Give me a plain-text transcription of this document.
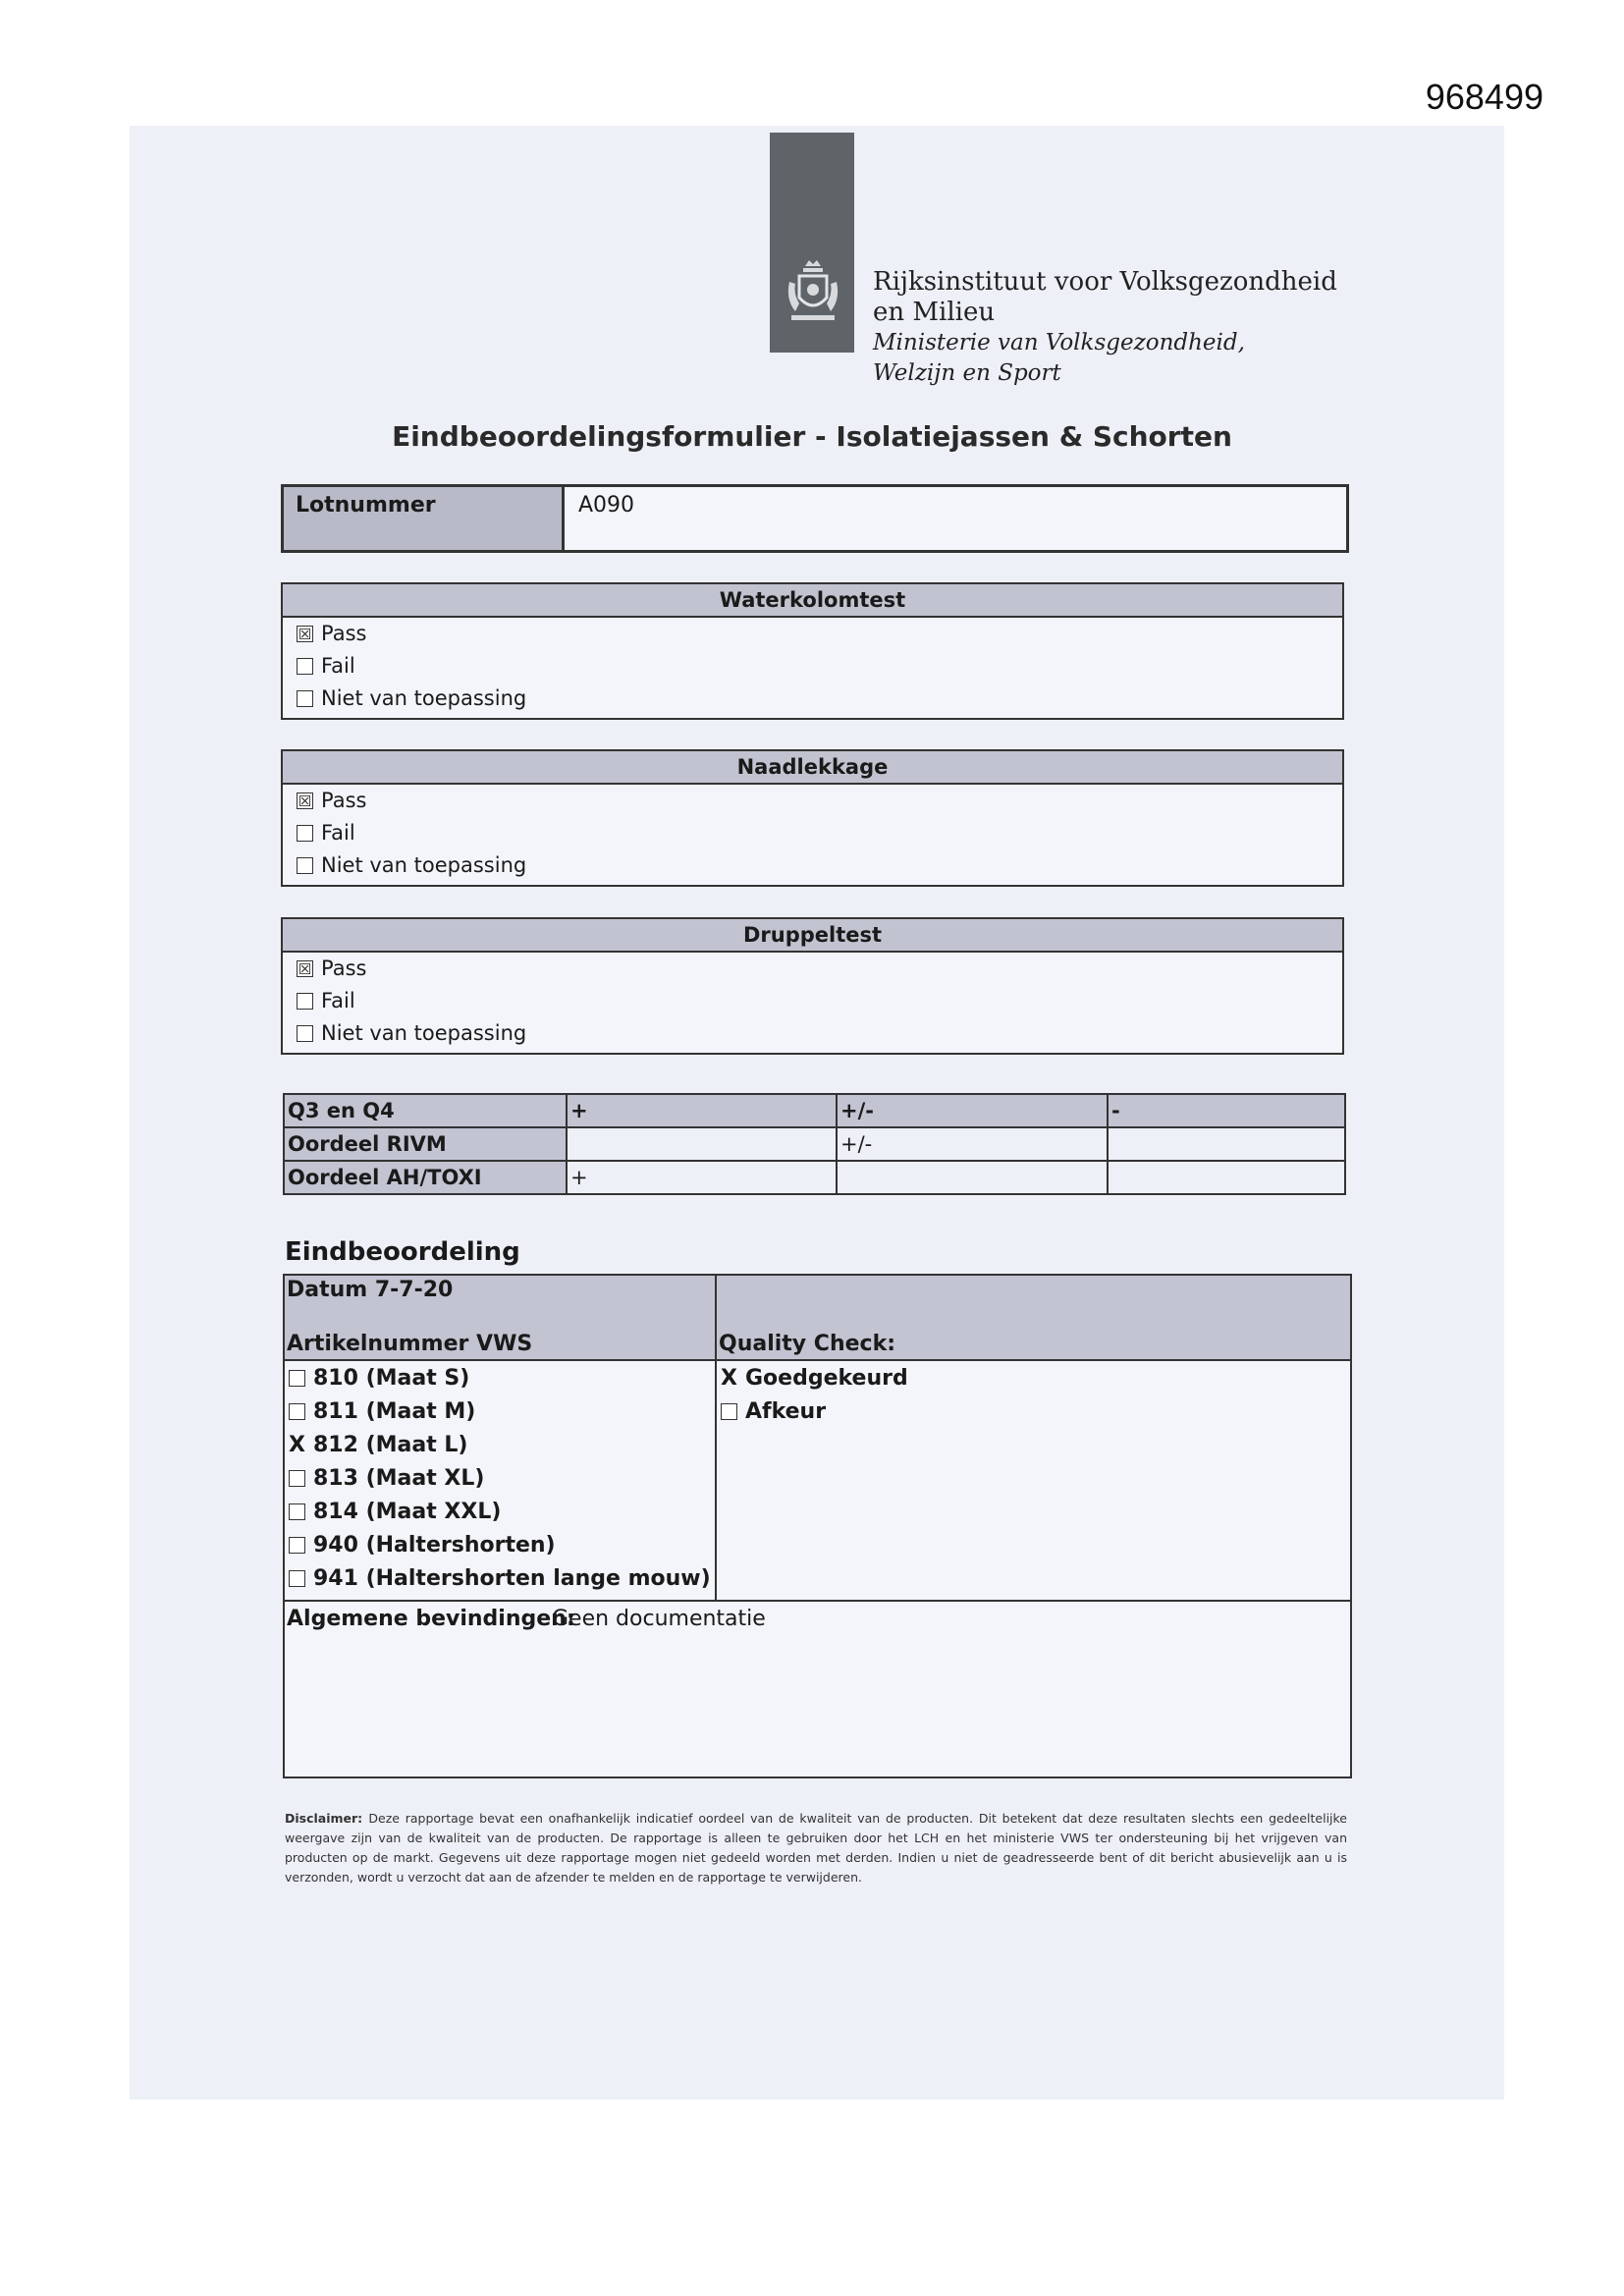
968499
Rijksinstituut voor Volksgezondheid
en Milieu
Ministerie van Volksgezondheid,
Welzijn en Sport
Eindbeoordelingsformulier - Isolatiejassen & Schorten
Lotnummer	A090
Waterkolomtest
☒ Pass
Fail
Niet van toepassing
Naadlekkage
☒ Pass
Fail
Niet van toepassing
Druppeltest
☒ Pass
Fail
Niet van toepassing
Q3 en Q4	+	+/-	-
Oordeel RIVM		+/-	
Oordeel AH/TOXI	+		
Eindbeoordeling
Datum 7-7-20
Artikelnummer VWS	Quality Check:
810 (Maat S)
811 (Maat M)
X 812 (Maat L)
813 (Maat XL)
814 (Maat XXL)
940 (Haltershorten)
941 (Haltershorten lange mouw)
X Goedgekeurd
Afkeur
Algemene bevindingen:
Geen documentatie
Disclaimer: Deze rapportage bevat een onafhankelijk indicatief oordeel van de kwaliteit van de producten. Dit betekent dat deze resultaten slechts een gedeeltelijke weergave zijn van de kwaliteit van de producten. De rapportage is alleen te gebruiken door het LCH en het ministerie VWS ter ondersteuning bij het vrijgeven van producten op de markt. Gegevens uit deze rapportage mogen niet gedeeld worden met derden. Indien u niet de geadresseerde bent of dit bericht abusievelijk aan u is verzonden, wordt u verzocht dat aan de afzender te melden en de rapportage te verwijderen.
